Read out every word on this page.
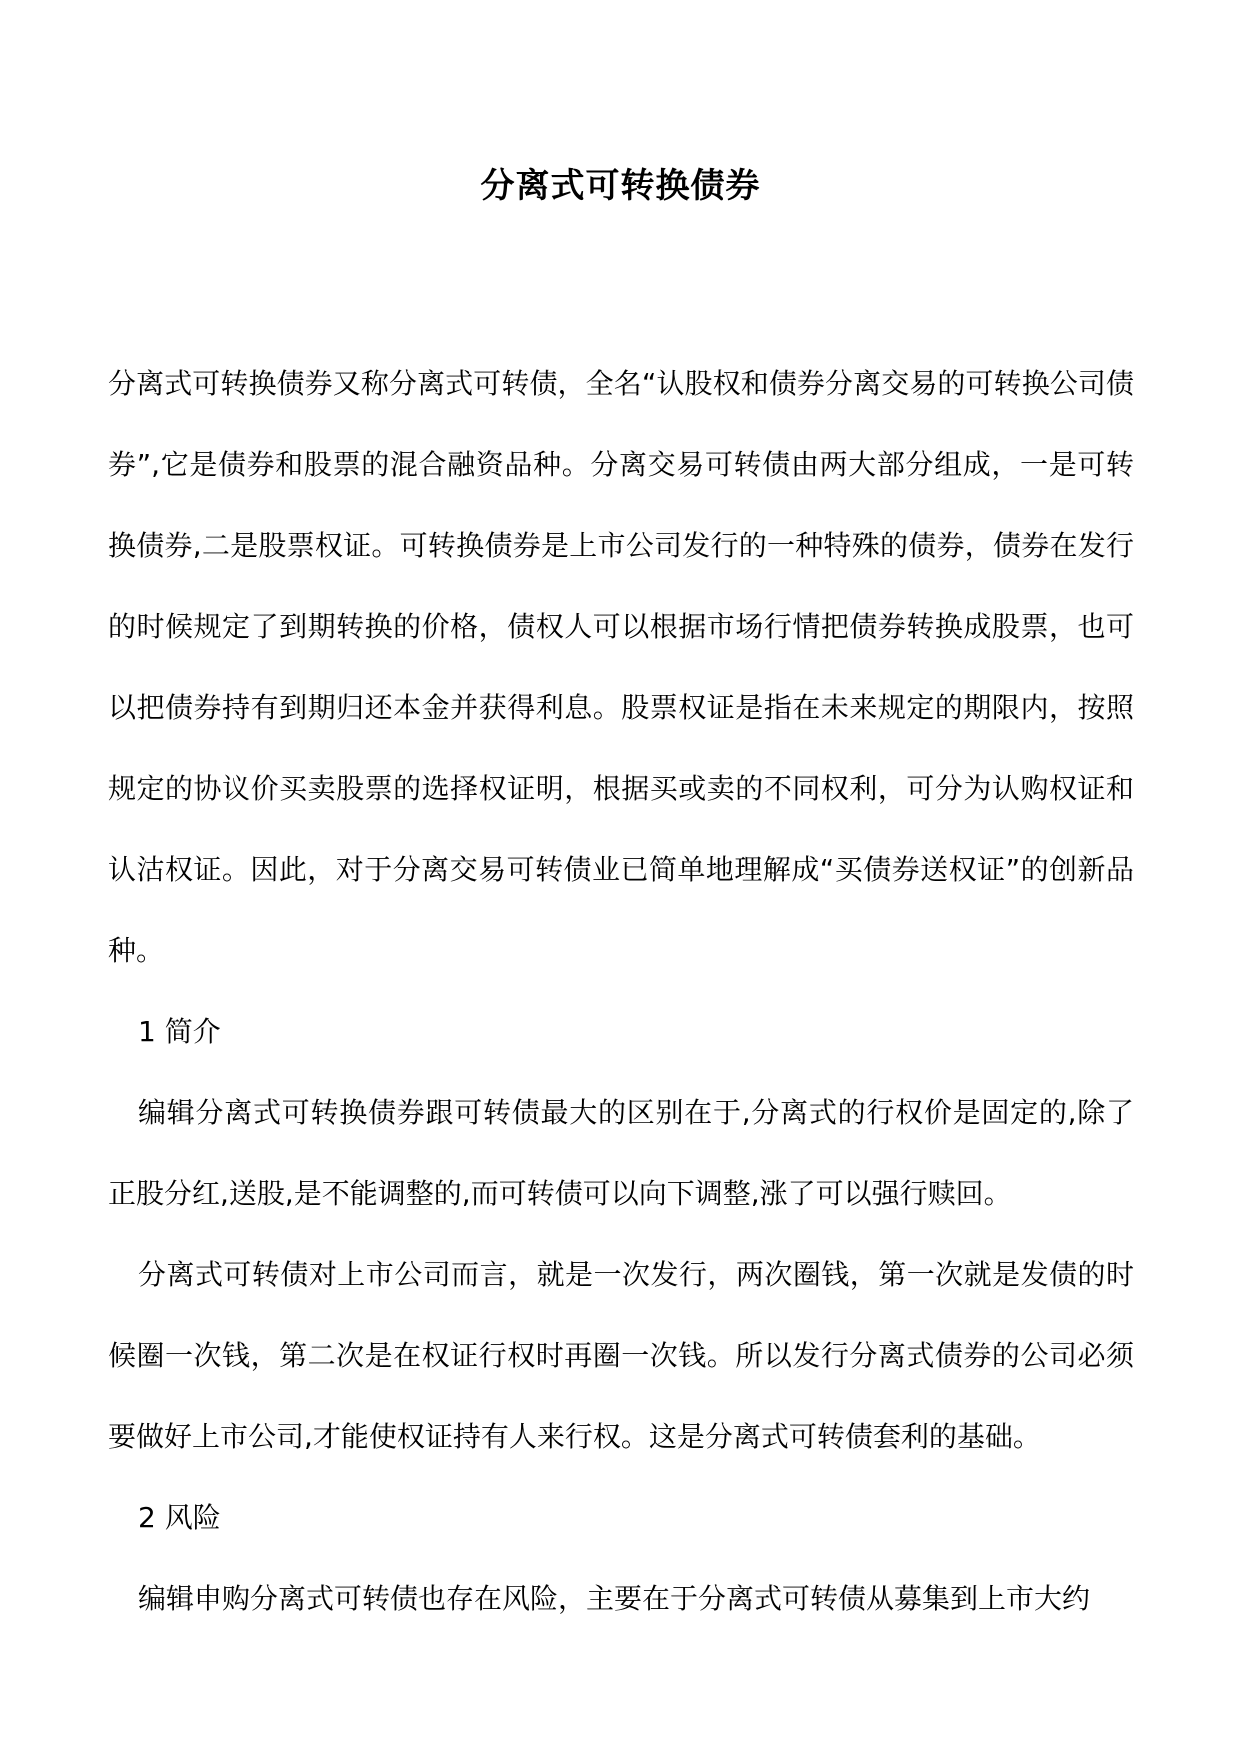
分离式可转换债券

分离式可转换债券又称分离式可转债，全名“认股权和债券分离交易的可转换公司债券”,它是债券和股票的混合融资品种。分离交易可转债由两大部分组成，一是可转换债券,二是股票权证。可转换债券是上市公司发行的一种特殊的债券，债券在发行的时候规定了到期转换的价格，债权人可以根据市场行情把债券转换成股票，也可以把债券持有到期归还本金并获得利息。股票权证是指在未来规定的期限内，按照规定的协议价买卖股票的选择权证明，根据买或卖的不同权利，可分为认购权证和认沽权证。因此，对于分离交易可转债业已简单地理解成“买债券送权证”的创新品种。

1 简介

编辑分离式可转换债券跟可转债最大的区别在于,分离式的行权价是固定的,除了正股分红,送股,是不能调整的,而可转债可以向下调整,涨了可以强行赎回。

分离式可转债对上市公司而言，就是一次发行，两次圈钱，第一次就是发债的时候圈一次钱，第二次是在权证行权时再圈一次钱。所以发行分离式债券的公司必须要做好上市公司,才能使权证持有人来行权。这是分离式可转债套利的基础。

2 风险

编辑申购分离式可转债也存在风险，主要在于分离式可转债从募集到上市大约
